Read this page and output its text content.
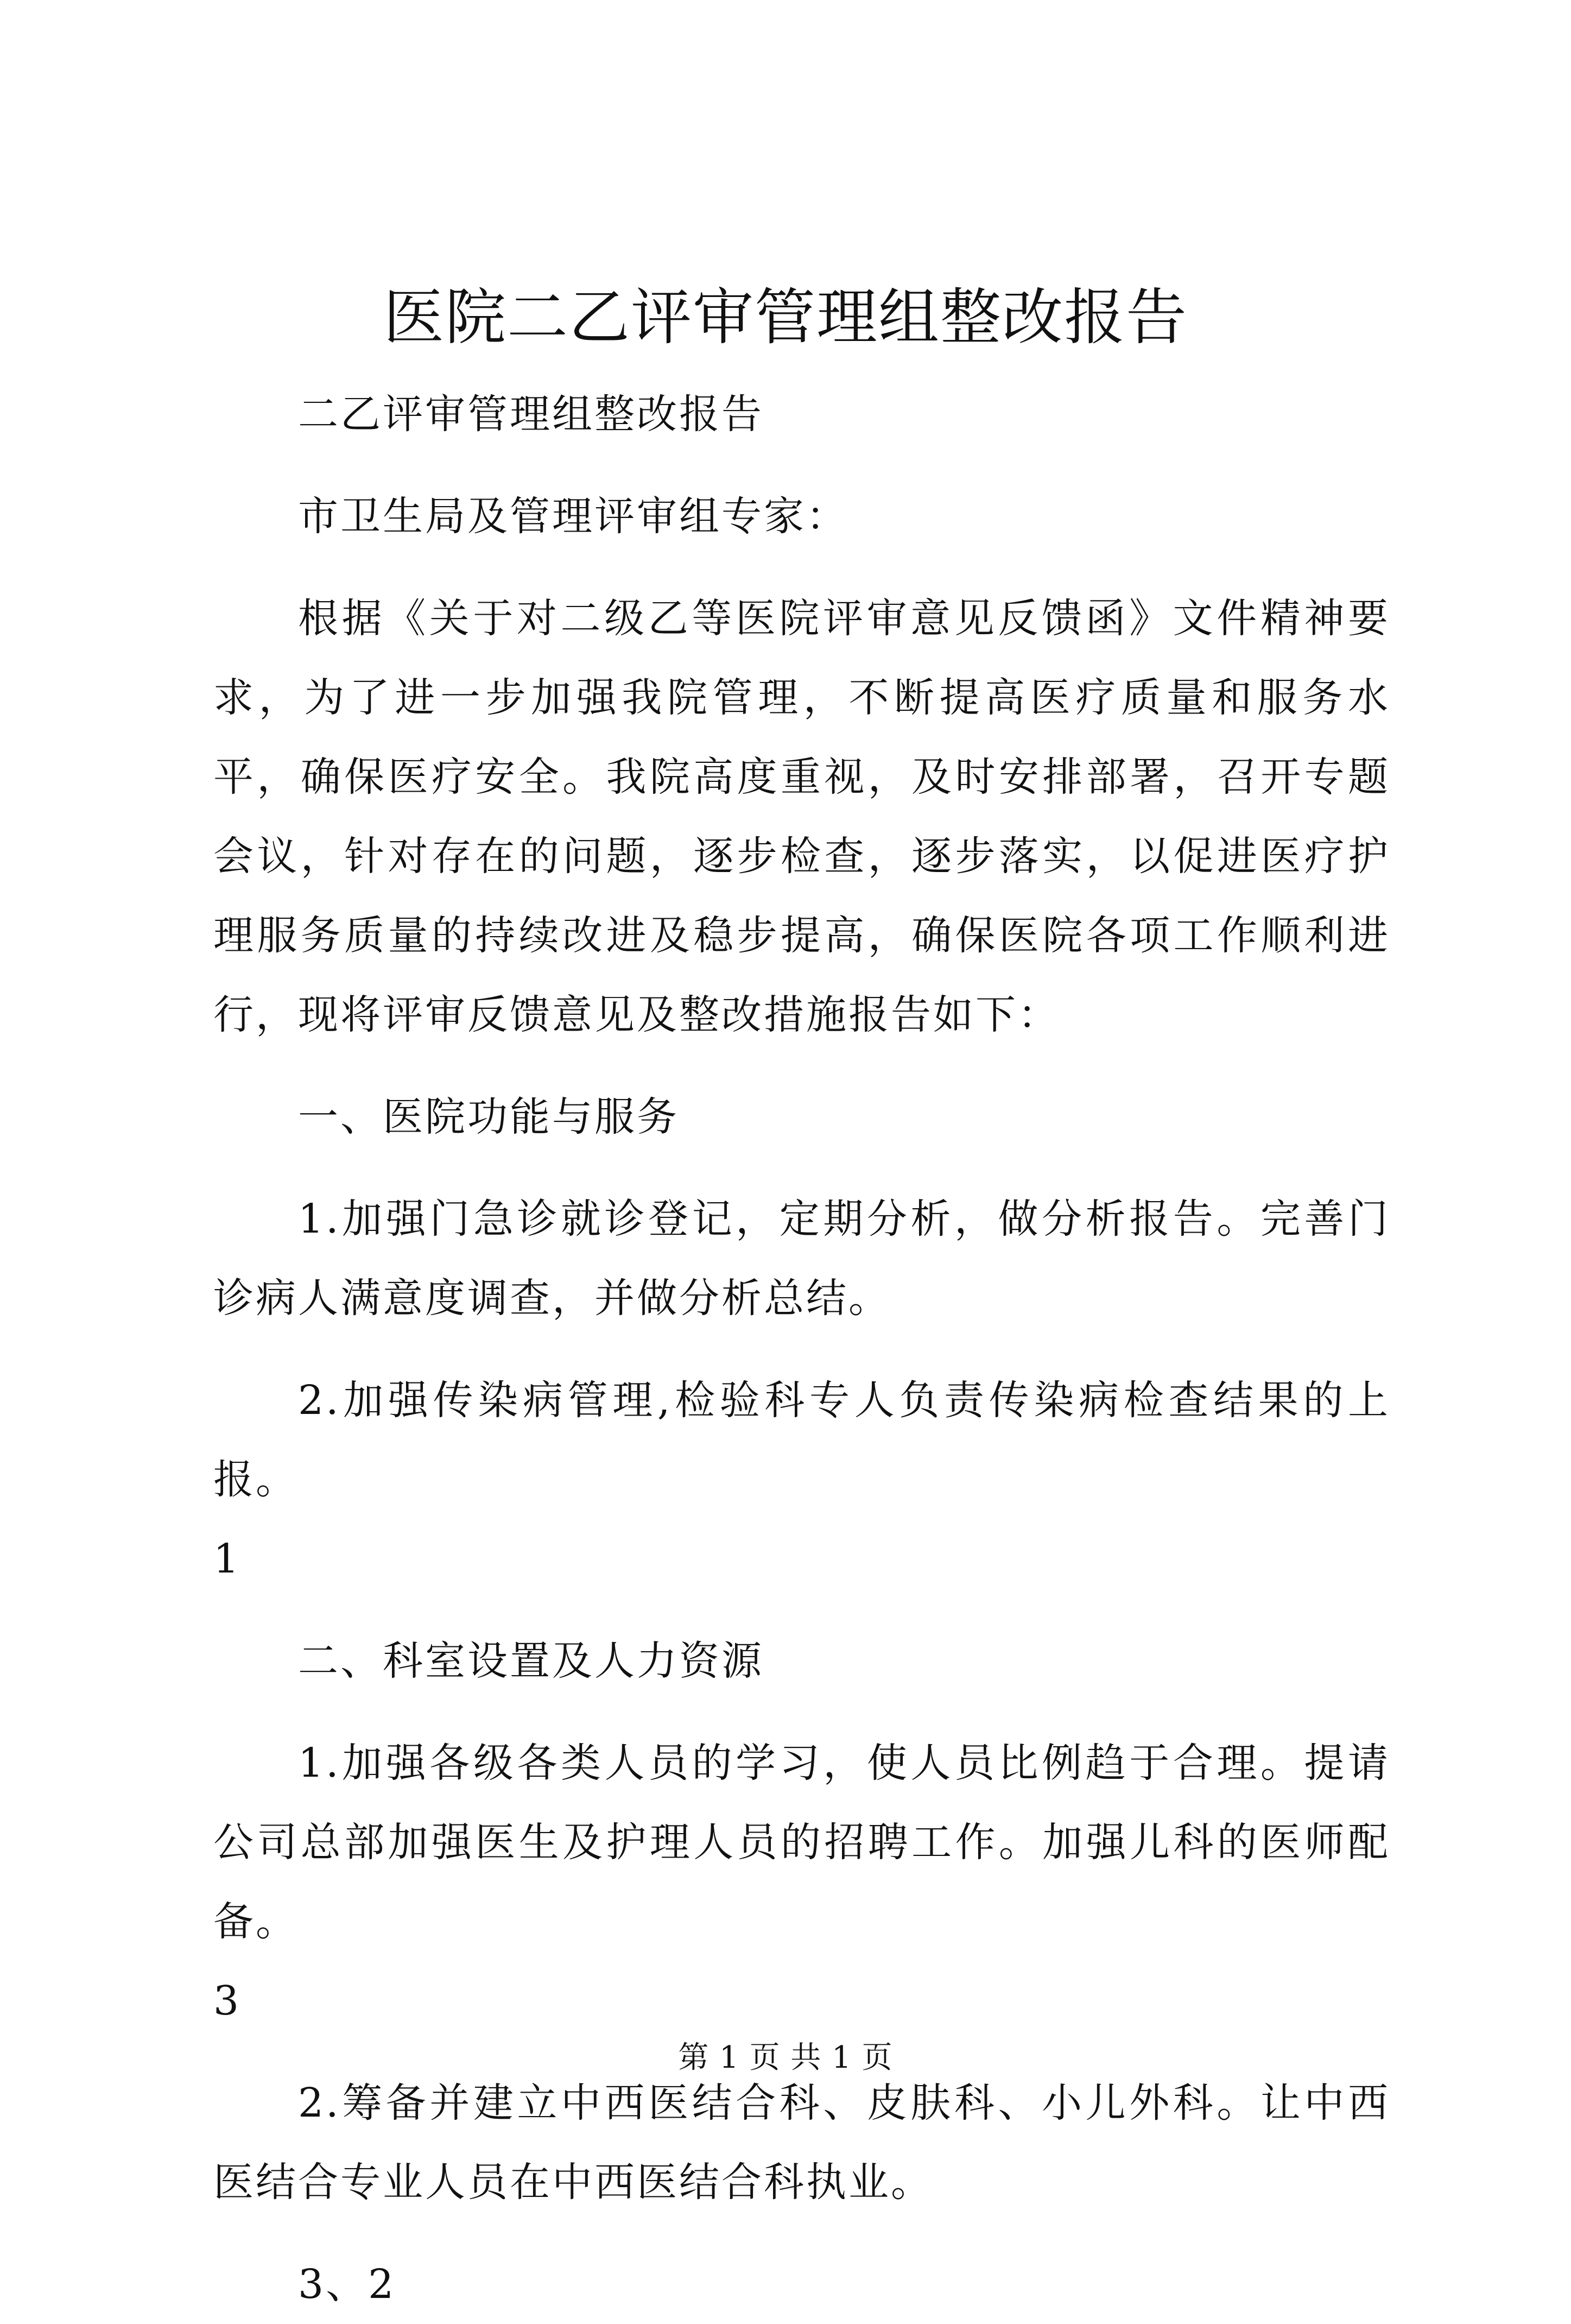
医院二乙评审管理组整改报告

二乙评审管理组整改报告

市卫生局及管理评审组专家：

根据《关于对二级乙等医院评审意见反馈函》文件精神要求，为了进一步加强我院管理，不断提高医疗质量和服务水平，确保医疗安全。我院高度重视，及时安排部署，召开专题会议，针对存在的问题，逐步检查，逐步落实，以促进医疗护理服务质量的持续改进及稳步提高，确保医院各项工作顺利进行，现将评审反馈意见及整改措施报告如下：

一、医院功能与服务

1.加强门急诊就诊登记，定期分析，做分析报告。完善门诊病人满意度调查，并做分析总结。

2.加强传染病管理,检验科专人负责传染病检查结果的上报。

1

二、科室设置及人力资源

1.加强各级各类人员的学习，使人员比例趋于合理。提请公司总部加强医生及护理人员的招聘工作。加强儿科的医师配备。

3

2.筹备并建立中西医结合科、皮肤科、小儿外科。让中西医结合专业人员在中西医结合科执业。

3、2

第 1 页 共 1 页
